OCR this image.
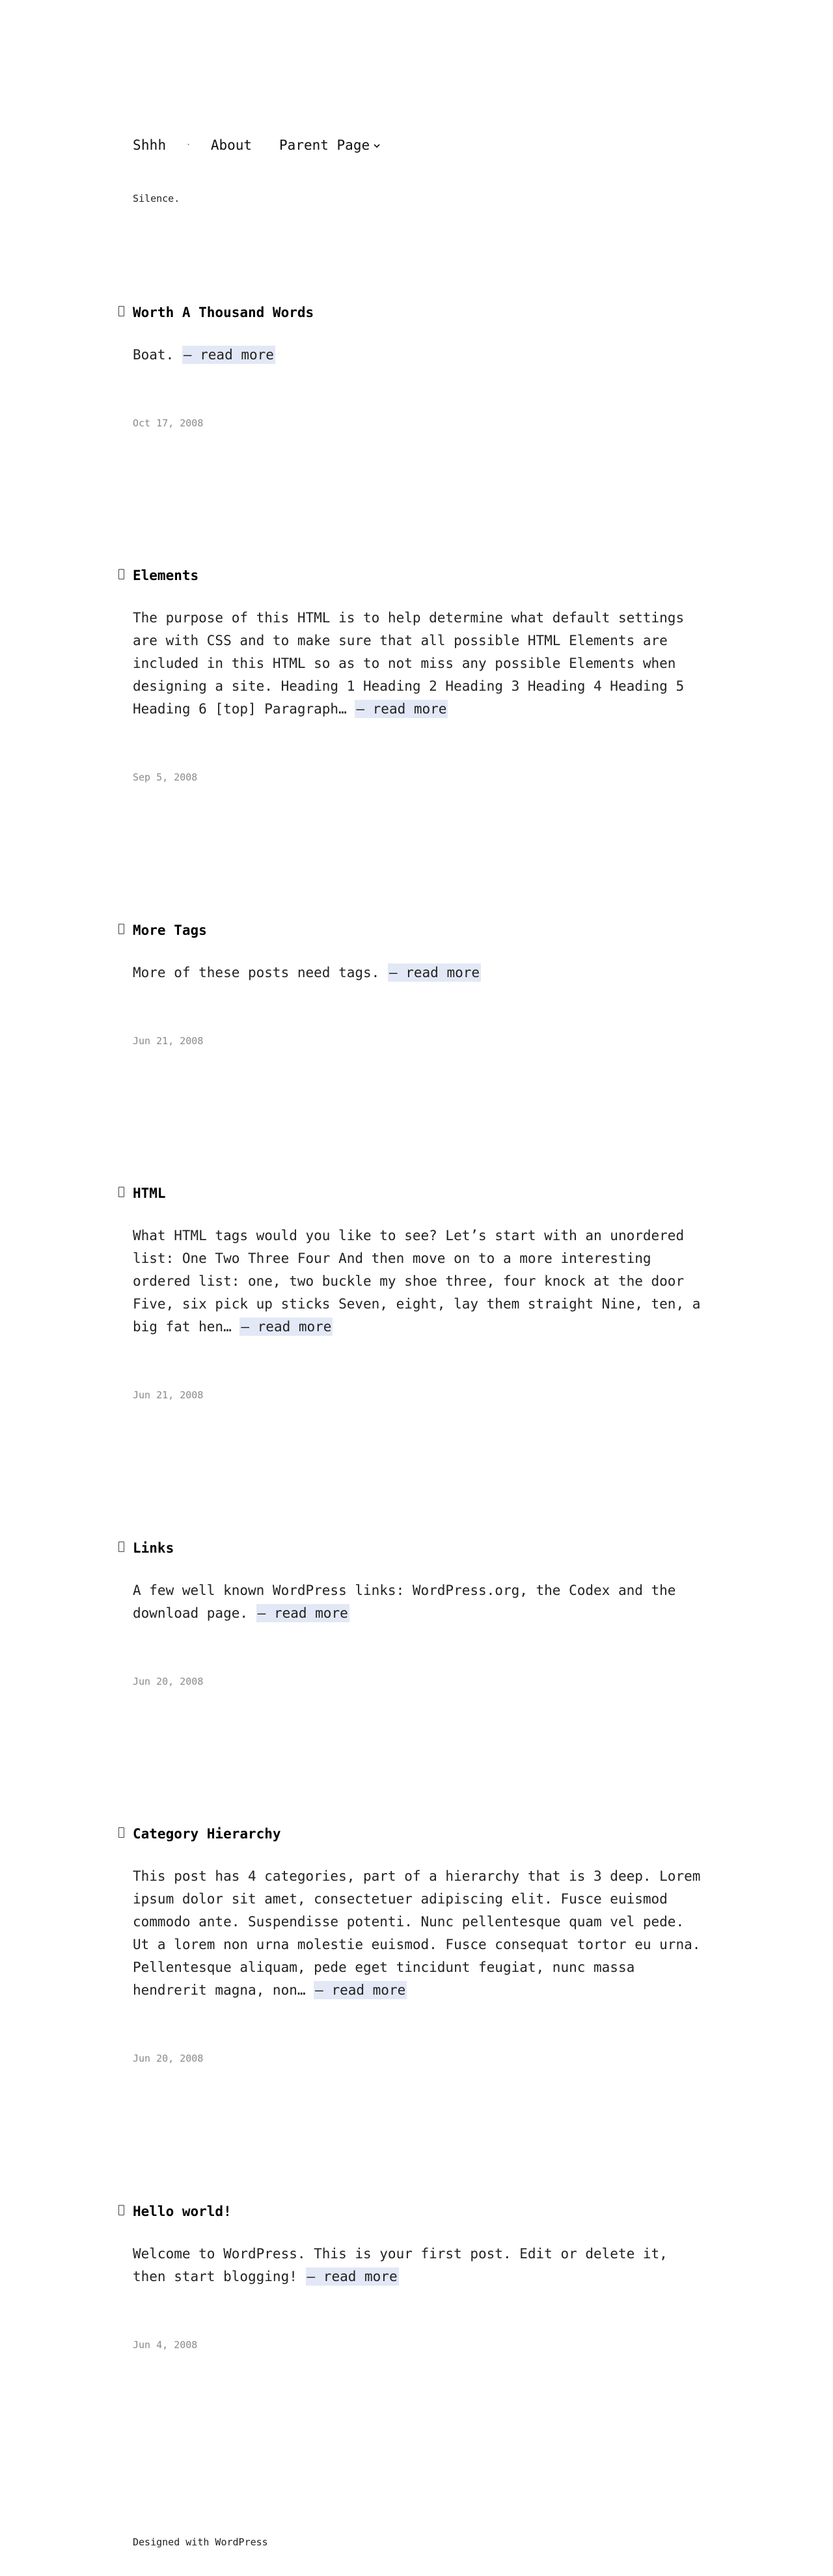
Shhh · About Parent Page
Silence.
Worth A Thousand Words
Boat. — read more
Oct 17, 2008
Elements
The purpose of this HTML is to help determine what default settings are with CSS and to make sure that all possible HTML Elements are included in this HTML so as to not miss any possible Elements when designing a site. Heading 1 Heading 2 Heading 3 Heading 4 Heading 5 Heading 6 [top] Paragraph… — read more
Sep 5, 2008
More Tags
More of these posts need tags. — read more
Jun 21, 2008
HTML
What HTML tags would you like to see? Let’s start with an unordered list: One Two Three Four And then move on to a more interesting ordered list: one, two buckle my shoe three, four knock at the door Five, six pick up sticks Seven, eight, lay them straight Nine, ten, a big fat hen… — read more
Jun 21, 2008
Links
A few well known WordPress links: WordPress.org, the Codex and the download page. — read more
Jun 20, 2008
Category Hierarchy
This post has 4 categories, part of a hierarchy that is 3 deep. Lorem ipsum dolor sit amet, consectetuer adipiscing elit. Fusce euismod commodo ante. Suspendisse potenti. Nunc pellentesque quam vel pede. Ut a lorem non urna molestie euismod. Fusce consequat tortor eu urna. Pellentesque aliquam, pede eget tincidunt feugiat, nunc massa hendrerit magna, non… — read more
Jun 20, 2008
Hello world!
Welcome to WordPress. This is your first post. Edit or delete it, then start blogging! — read more
Jun 4, 2008
Designed with WordPress
